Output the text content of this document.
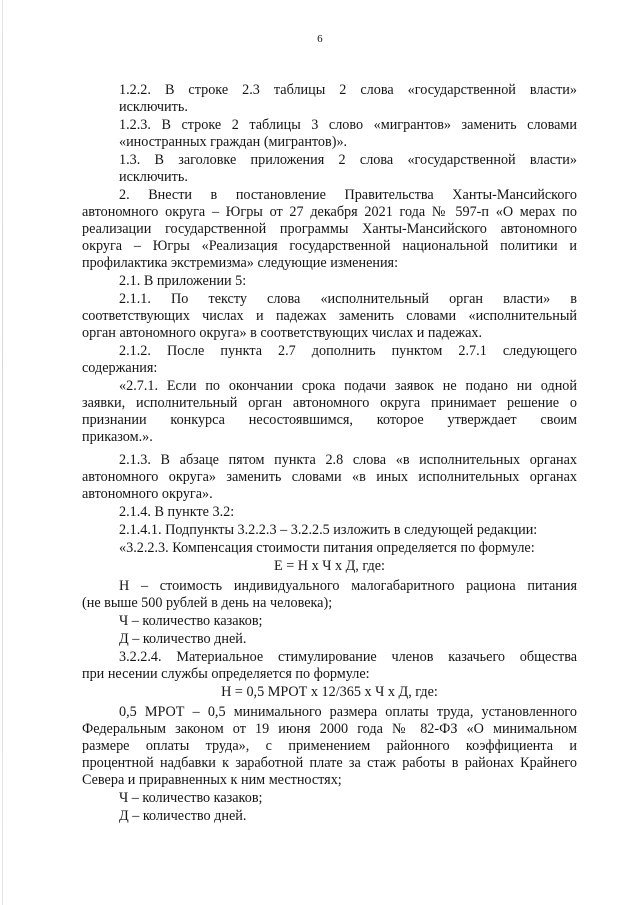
6
1.2.2. В строке 2.3 таблицы 2 слова «государственной власти»
исключить.
1.2.3. В строке 2 таблицы 3 слово «мигрантов» заменить словами
«иностранных граждан (мигрантов)».
1.3. В заголовке приложения 2 слова «государственной власти»
исключить.
2. Внести в постановление Правительства Ханты-Мансийского
автономного округа – Югры от 27 декабря 2021 года № 597-п «О мерах по
реализации государственной программы Ханты-Мансийского автономного
округа – Югры «Реализация государственной национальной политики и
профилактика экстремизма» следующие изменения:
2.1. В приложении 5:
2.1.1. По тексту слова «исполнительный орган власти» в
соответствующих числах и падежах заменить словами «исполнительный
орган автономного округа» в соответствующих числах и падежах.
2.1.2. После пункта 2.7 дополнить пунктом 2.7.1 следующего
содержания:
«2.7.1. Если по окончании срока подачи заявок не подано ни одной
заявки, исполнительный орган автономного округа принимает решение о
признании конкурса несостоявшимся, которое утверждает своим
приказом.».
2.1.3. В абзаце пятом пункта 2.8 слова «в исполнительных органах
автономного округа» заменить словами «в иных исполнительных органах
автономного округа».
2.1.4. В пункте 3.2:
2.1.4.1. Подпункты 3.2.2.3 – 3.2.2.5 изложить в следующей редакции:
«3.2.2.3. Компенсация стоимости питания определяется по формуле:
Е = Н х Ч х Д, где:
Н – стоимость индивидуального малогабаритного рациона питания
(не выше 500 рублей в день на человека);
Ч – количество казаков;
Д – количество дней.
3.2.2.4. Материальное стимулирование членов казачьего общества
при несении службы определяется по формуле:
Н = 0,5 МРОТ х 12/365 х Ч х Д, где:
0,5 МРОТ – 0,5 минимального размера оплаты труда, установленного
Федеральным законом от 19 июня 2000 года № 82-ФЗ «О минимальном
размере оплаты труда», с применением районного коэффициента и
процентной надбавки к заработной плате за стаж работы в районах Крайнего
Севера и приравненных к ним местностях;
Ч – количество казаков;
Д – количество дней.
